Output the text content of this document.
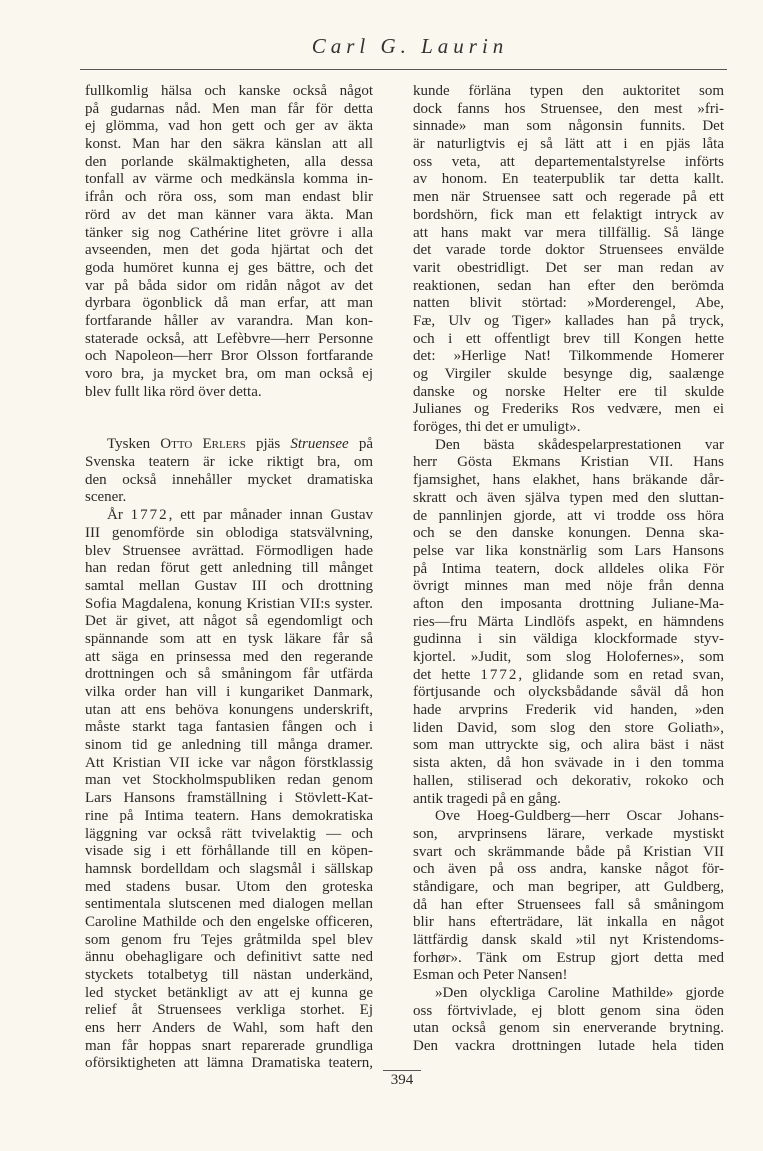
Carl G. Laurin
fullkomlig hälsa och kanske också något
på gudarnas nåd. Men man får för detta
ej glömma, vad hon gett och ger av äkta
konst. Man har den säkra känslan att all
den porlande skälmaktigheten, alla dessa
tonfall av värme och medkänsla komma in-
ifrån och röra oss, som man endast blir
rörd av det man känner vara äkta. Man
tänker sig nog Cathérine litet grövre i alla
avseenden, men det goda hjärtat och det
goda humöret kunna ej ges bättre, och det
var på båda sidor om ridån något av det
dyrbara ögonblick då man erfar, att man
fortfarande håller av varandra. Man kon-
staterade också, att Lefèbvre—herr Personne
och Napoleon—herr Bror Olsson fortfarande
voro bra, ja mycket bra, om man också ej
blev fullt lika rörd över detta.
Tysken Otto Erlers pjäs Struensee på
Svenska teatern är icke riktigt bra, om
den också innehåller mycket dramatiska
scener.
År 1772, ett par månader innan Gustav
III genomförde sin oblodiga statsvälvning,
blev Struensee avrättad. Förmodligen hade
han redan förut gett anledning till månget
samtal mellan Gustav III och drottning
Sofia Magdalena, konung Kristian VII:s syster.
Det är givet, att något så egendomligt och
spännande som att en tysk läkare får så
att säga en prinsessa med den regerande
drottningen och så småningom får utfärda
vilka order han vill i kungariket Danmark,
utan att ens behöva konungens underskrift,
måste starkt taga fantasien fången och i
sinom tid ge anledning till många dramer.
Att Kristian VII icke var någon förstklassig
man vet Stockholmspubliken redan genom
Lars Hansons framställning i Stövlett-Kat-
rine på Intima teatern. Hans demokratiska
läggning var också rätt tvivelaktig — och
visade sig i ett förhållande till en köpen-
hamnsk bordelldam och slagsmål i sällskap
med stadens busar. Utom den groteska
sentimentala slutscenen med dialogen mellan
Caroline Mathilde och den engelske officeren,
som genom fru Tejes gråtmilda spel blev
ännu obehagligare och definitivt satte ned
styckets totalbetyg till nästan underkänd,
led stycket betänkligt av att ej kunna ge
relief åt Struensees verkliga storhet. Ej
ens herr Anders de Wahl, som haft den
man får hoppas snart reparerade grundliga
oförsiktigheten att lämna Dramatiska teatern,
kunde förläna typen den auktoritet som
dock fanns hos Struensee, den mest »fri-
sinnade» man som någonsin funnits. Det
är naturligtvis ej så lätt att i en pjäs låta
oss veta, att departementalstyrelse införts
av honom. En teaterpublik tar detta kallt.
men när Struensee satt och regerade på ett
bordshörn, fick man ett felaktigt intryck av
att hans makt var mera tillfällig. Så länge
det varade torde doktor Struensees envälde
varit obestridligt. Det ser man redan av
reaktionen, sedan han efter den berömda
natten blivit störtad: »Morderengel, Abe,
Fæ, Ulv og Tiger» kallades han på tryck,
och i ett offentligt brev till Kongen hette
det: »Herlige Nat! Tilkommende Homerer
og Virgiler skulde besynge dig, saalænge
danske og norske Helter ere til skulde
Julianes og Frederiks Ros vedvære, men ei
foröges, thi det er umuligt».
Den bästa skådespelarprestationen var
herr Gösta Ekmans Kristian VII. Hans
fjamsighet, hans elakhet, hans bräkande dår-
skratt och även själva typen med den sluttan-
de pannlinjen gjorde, att vi trodde oss höra
och se den danske konungen. Denna ska-
pelse var lika konstnärlig som Lars Hansons
på Intima teatern, dock alldeles olika För
övrigt minnes man med nöje från denna
afton den imposanta drottning Juliane-Ma-
ries—fru Märta Lindlöfs aspekt, en hämndens
gudinna i sin väldiga klockformade styv-
kjortel. »Judit, som slog Holofernes», som
det hette 1772, glidande som en retad svan,
förtjusande och olycksbådande såväl då hon
hade arvprins Frederik vid handen, »den
liden David, som slog den store Goliath»,
som man uttryckte sig, och alira bäst i näst
sista akten, då hon svävade in i den tomma
hallen, stiliserad och dekorativ, rokoko och
antik tragedi på en gång.
Ove Hoeg-Guldberg—herr Oscar Johans-
son, arvprinsens lärare, verkade mystiskt
svart och skrämmande både på Kristian VII
och även på oss andra, kanske något för-
ståndigare, och man begriper, att Guldberg,
då han efter Struensees fall så småningom
blir hans efterträdare, lät inkalla en något
lättfärdig dansk skald »til nyt Kristendoms-
forhør». Tänk om Estrup gjort detta med
Esman och Peter Nansen!
»Den olyckliga Caroline Mathilde» gjorde
oss förtvivlade, ej blott genom sina öden
utan också genom sin enerverande brytning.
Den vackra drottningen lutade hela tiden
394
